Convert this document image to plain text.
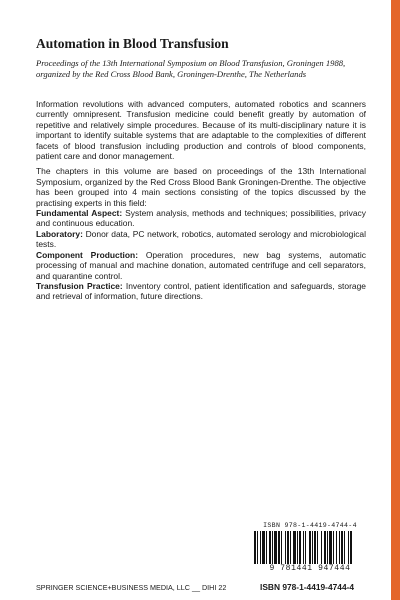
Automation in Blood Transfusion

Proceedings of the 13th International Symposium on Blood Transfusion, Groningen 1988, organized by the Red Cross Blood Bank, Groningen-Drenthe, The Netherlands

Information revolutions with advanced computers, automated robotics and scanners currently omnipresent. Transfusion medicine could benefit greatly by automation of repetitive and relatively simple procedures. Because of its multi-disciplinary nature it is important to identify suitable systems that are adaptable to the complexities of different facets of blood transfusion including production and controls of blood components, patient care and donor management.

The chapters in this volume are based on proceedings of the 13th International Symposium, organized by the Red Cross Blood Bank Groningen-Drenthe. The objective has been grouped into 4 main sections consisting of the topics discussed by the practising experts in this field:

Fundamental Aspect: System analysis, methods and techniques; possibilities, privacy and continuous education.

Laboratory: Donor data, PC network, robotics, automated serology and microbiological tests.

Component Production: Operation procedures, new bag systems, automatic processing of manual and machine donation, automated centrifuge and cell separators, and quarantine control.

Transfusion Practice: Inventory control, patient identification and safeguards, storage and retrieval of information, future directions.

ISBN 978-1-4419-4744-4
9 781441 947444
SPRINGER SCIENCE+BUSINESS MEDIA, LLC __ DIHI 22	ISBN 978-1-4419-4744-4
